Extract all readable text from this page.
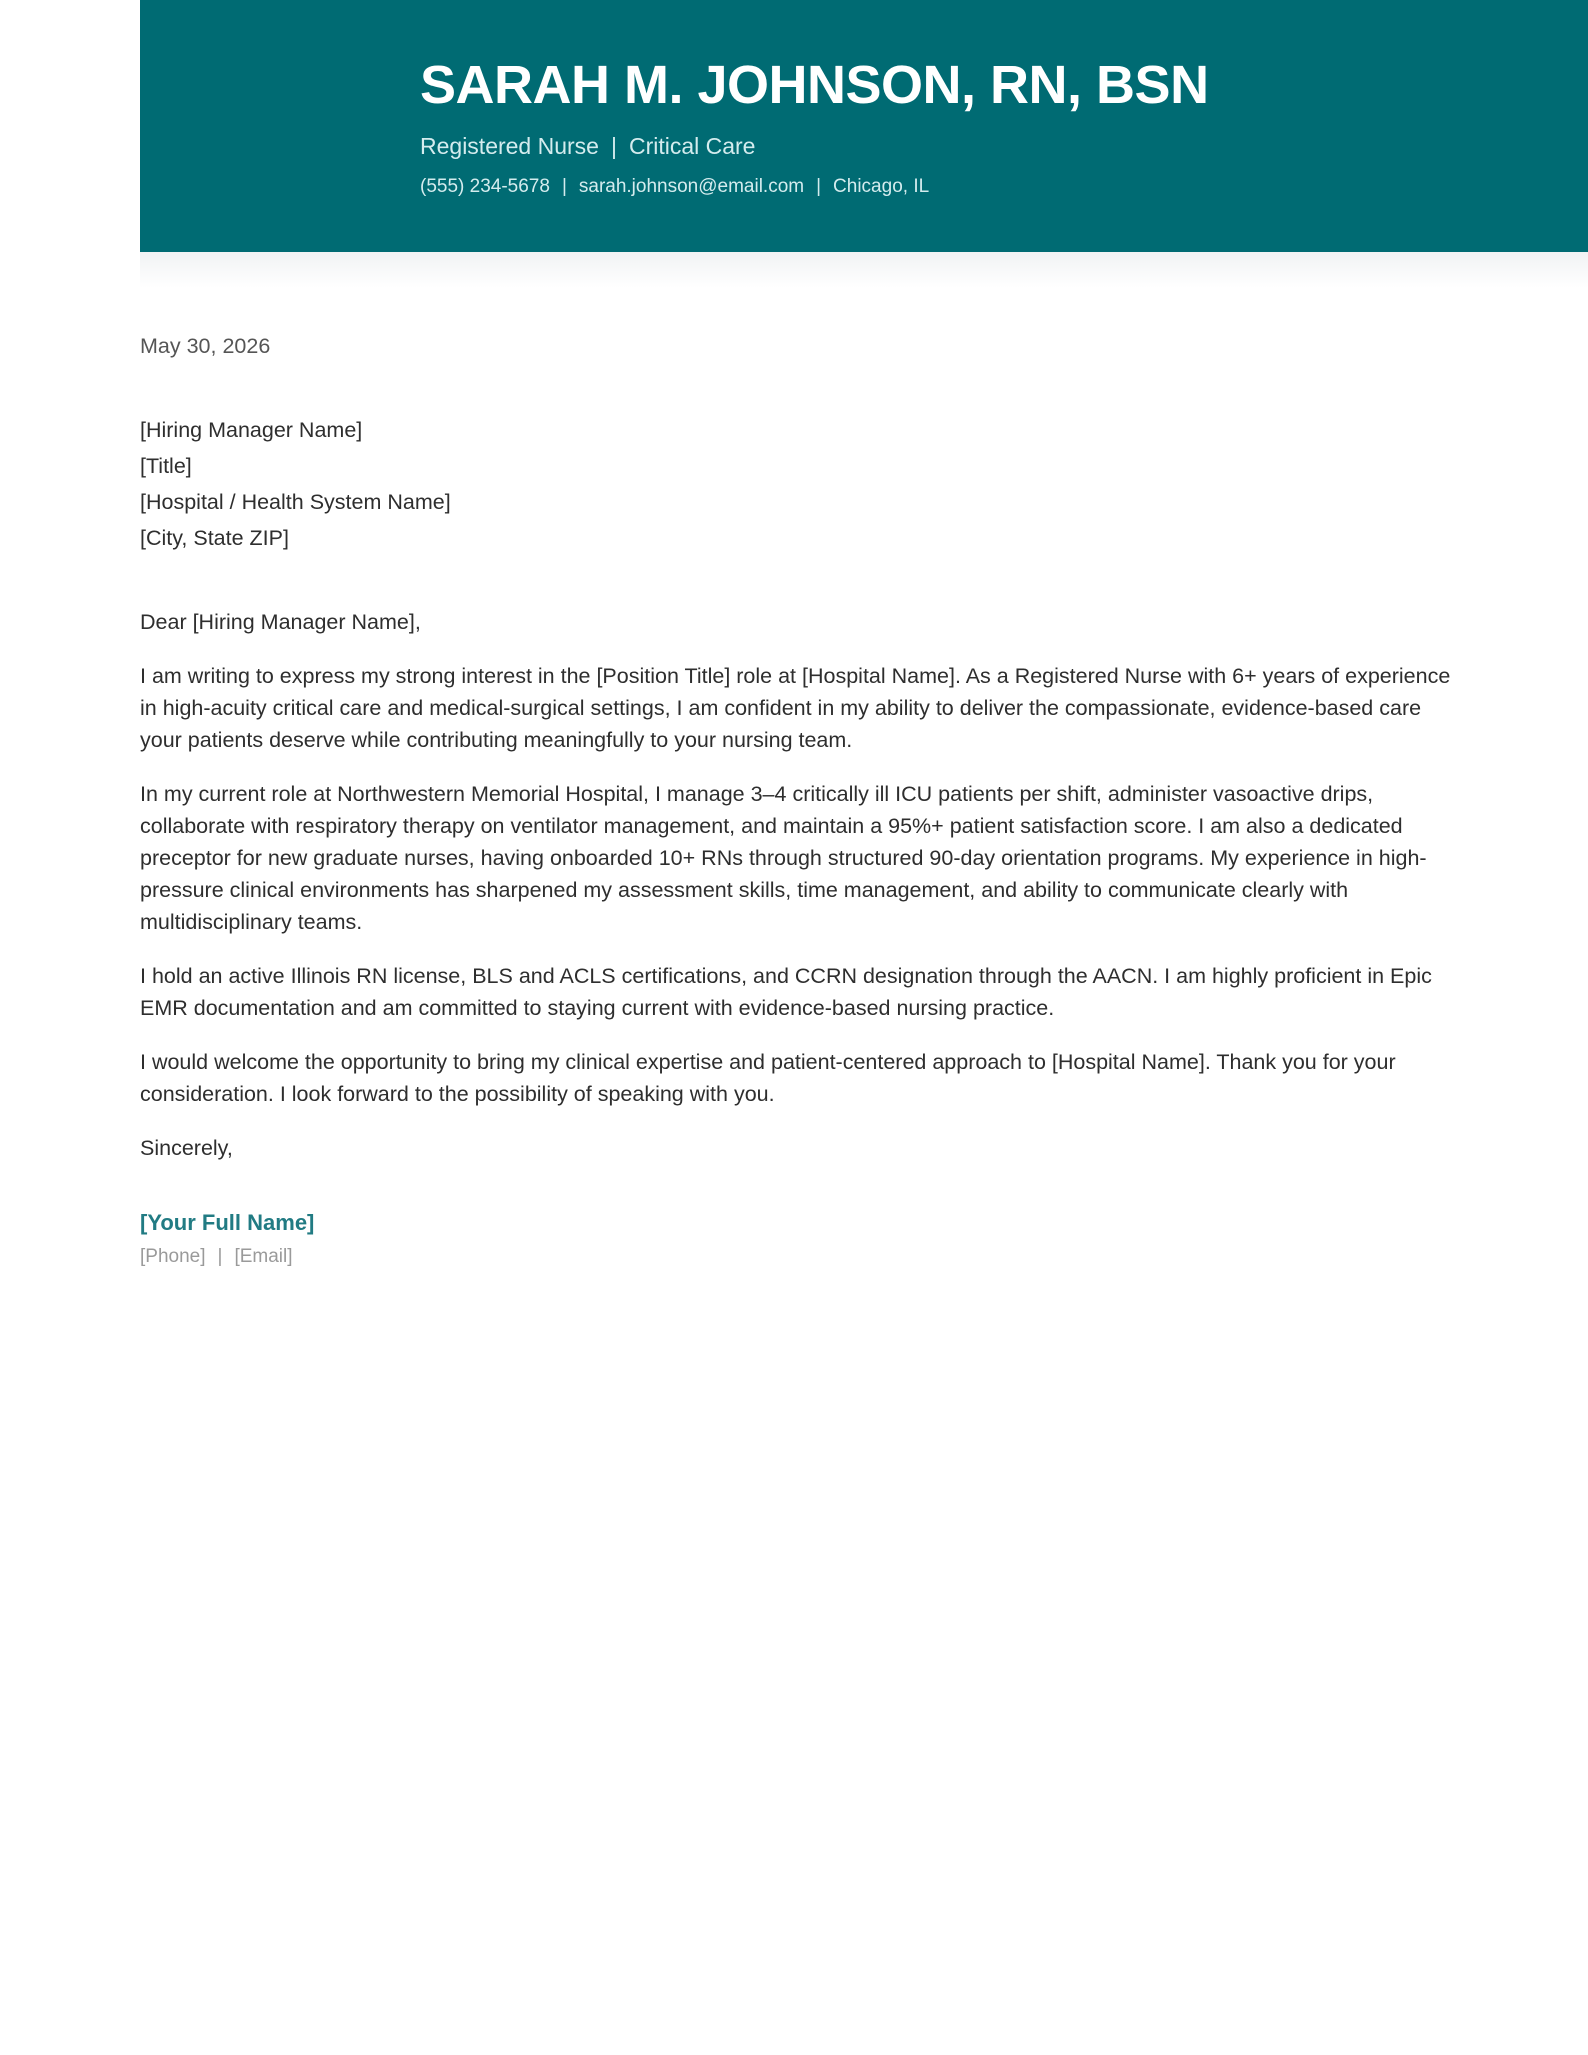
SARAH M. JOHNSON, RN, BSN
Registered Nurse | Critical Care
(555) 234-5678 | sarah.johnson@email.com | Chicago, IL
May 30, 2026
[Hiring Manager Name]
[Title]
[Hospital / Health System Name]
[City, State ZIP]
Dear [Hiring Manager Name],

I am writing to express my strong interest in the [Position Title] role at [Hospital Name]. As a Registered Nurse with 6+ years of experience in high-acuity critical care and medical-surgical settings, I am confident in my ability to deliver the compassionate, evidence-based care your patients deserve while contributing meaningfully to your nursing team.

In my current role at Northwestern Memorial Hospital, I manage 3–4 critically ill ICU patients per shift, administer vasoactive drips, collaborate with respiratory therapy on ventilator management, and maintain a 95%+ patient satisfaction score. I am also a dedicated preceptor for new graduate nurses, having onboarded 10+ RNs through structured 90-day orientation programs. My experience in high-pressure clinical environments has sharpened my assessment skills, time management, and ability to communicate clearly with multidisciplinary teams.

I hold an active Illinois RN license, BLS and ACLS certifications, and CCRN designation through the AACN. I am highly proficient in Epic EMR documentation and am committed to staying current with evidence-based nursing practice.

I would welcome the opportunity to bring my clinical expertise and patient-centered approach to [Hospital Name]. Thank you for your consideration. I look forward to the possibility of speaking with you.

Sincerely,
[Your Full Name]
[Phone] | [Email]
